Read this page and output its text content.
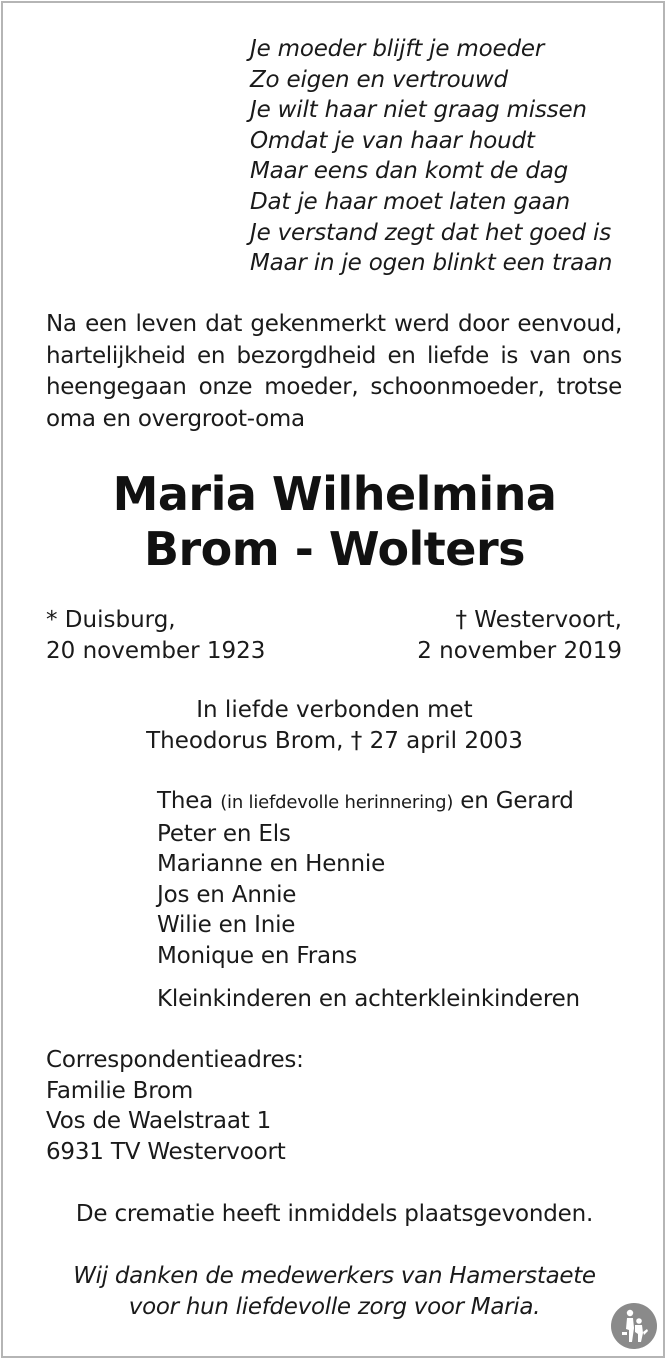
Je moeder blijft je moeder
Zo eigen en vertrouwd
Je wilt haar niet graag missen
Omdat je van haar houdt
Maar eens dan komt de dag
Dat je haar moet laten gaan
Je verstand zegt dat het goed is
Maar in je ogen blinkt een traan
Na een leven dat gekenmerkt werd door eenvoud, hartelijkheid en bezorgdheid en liefde is van ons heengegaan onze moeder, schoonmoeder, trotse oma en overgroot-oma
Maria Wilhelmina
Brom - Wolters
* Duisburg,
20 november 1923
† Westervoort,
2 november 2019
In liefde verbonden met
Theodorus Brom, † 27 april 2003
Thea (in liefdevolle herinnering) en Gerard
Peter en Els
Marianne en Hennie
Jos en Annie
Wilie en Inie
Monique en Frans
Kleinkinderen en achterkleinkinderen
Correspondentieadres:
Familie Brom
Vos de Waelstraat 1
6931 TV Westervoort
De crematie heeft inmiddels plaatsgevonden.
Wij danken de medewerkers van Hamerstaete
voor hun liefdevolle zorg voor Maria.
